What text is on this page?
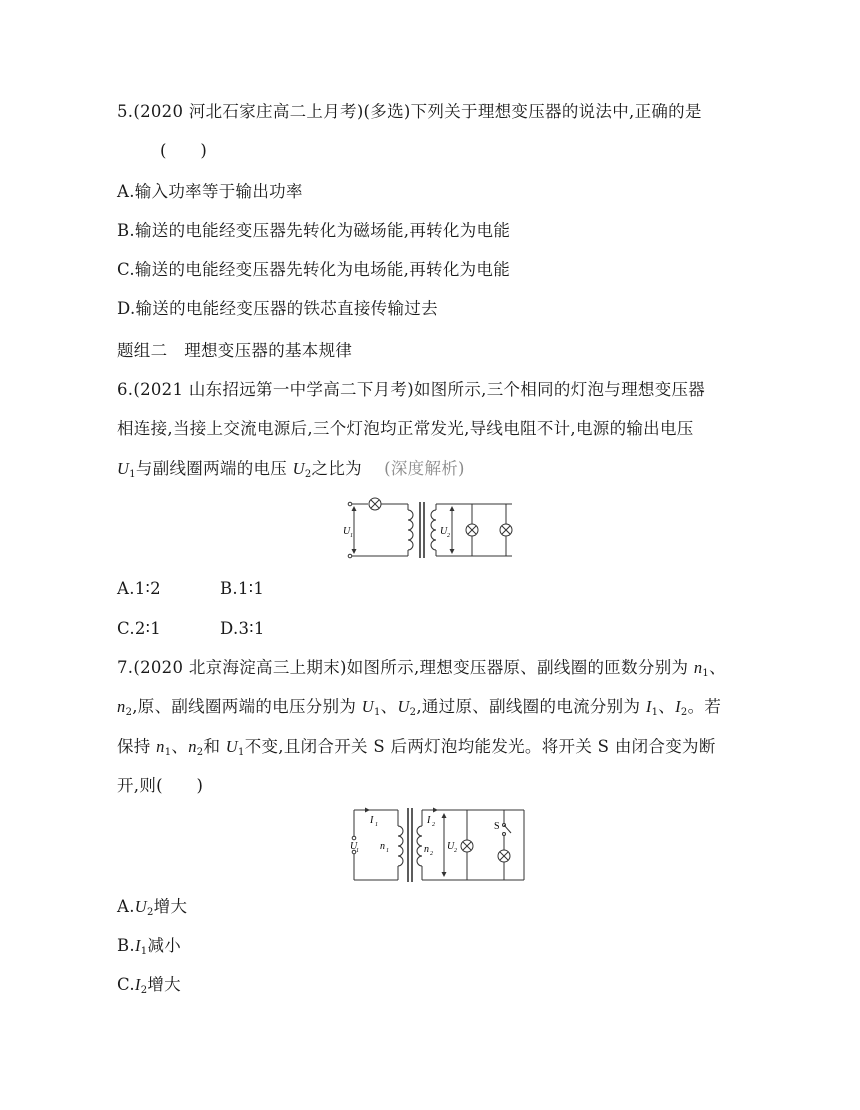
5.(2020 河北石家庄高二上月考)(多选)下列关于理想变压器的说法中,正确的是
(　　)
A.输入功率等于输出功率
B.输送的电能经变压器先转化为磁场能,再转化为电能
C.输送的电能经变压器先转化为电场能,再转化为电能
D.输送的电能经变压器的铁芯直接传输过去
题组二　理想变压器的基本规律
6.(2021 山东招远第一中学高二下月考)如图所示,三个相同的灯泡与理想变压器
相连接,当接上交流电源后,三个灯泡均正常发光,导线电阻不计,电源的输出电压
$U_1$与副线圈两端的电压 $U_2$之比为 (深度解析)
U 1	U 2
A.1∶2	B.1∶1
C.2∶1	D.3∶1
7.(2020 北京海淀高三上期末)如图所示,理想变压器原、副线圈的匝数分别为 $n_1$、
$n_2$,原、副线圈两端的电压分别为 $U_1$、$U_2$,通过原、副线圈的电流分别为 $I_1$、$I_2$。若
保持 $n_1$、$n_2$和 $U_1$不变,且闭合开关 S 后两灯泡均能发光。将开关 S 由闭合变为断
开,则(　　)
I 1	I 2
n 1	n 2
U
1	U 2
S
$A.U_2$增大
$B.I_1$减小
$C.I_2$增大
